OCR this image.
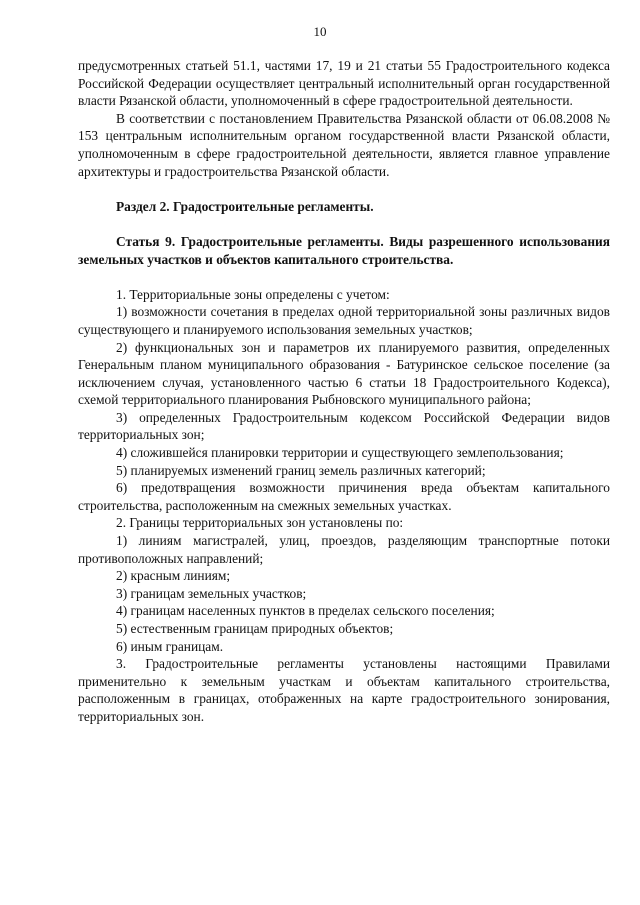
10

предусмотренных статьей 51.1, частями 17, 19 и 21 статьи 55 Градостроительного кодекса Российской Федерации осуществляет центральный исполнительный орган государственной власти Рязанской области, уполномоченный в сфере градостроительной деятельности.

В соответствии с постановлением Правительства Рязанской области от 06.08.2008 № 153 центральным исполнительным органом государственной власти Рязанской области, уполномоченным в сфере градостроительной деятельности, является главное управление архитектуры и градостроительства Рязанской области.

Раздел 2. Градостроительные регламенты.

Статья 9. Градостроительные регламенты. Виды разрешенного использования земельных участков и объектов капитального строительства.

1. Территориальные зоны определены с учетом:

1) возможности сочетания в пределах одной территориальной зоны различных видов существующего и планируемого использования земельных участков;

2) функциональных зон и параметров их планируемого развития, определенных Генеральным планом муниципального образования - Батуринское сельское поселение (за исключением случая, установленного частью 6 статьи 18 Градостроительного Кодекса), схемой территориального планирования Рыбновского муниципального района;

3) определенных Градостроительным кодексом Российской Федерации видов территориальных зон;

4) сложившейся планировки территории и существующего землепользования;

5) планируемых изменений границ земель различных категорий;

6) предотвращения возможности причинения вреда объектам капитального строительства, расположенным на смежных земельных участках.

2. Границы территориальных зон установлены по:

1) линиям магистралей, улиц, проездов, разделяющим транспортные потоки противоположных направлений;

2) красным линиям;

3) границам земельных участков;

4) границам населенных пунктов в пределах сельского поселения;

5) естественным границам природных объектов;

6) иным границам.

3. Градостроительные регламенты установлены настоящими Правилами применительно к земельным участкам и объектам капитального строительства, расположенным в границах, отображенных на карте градостроительного зонирования, территориальных зон.
